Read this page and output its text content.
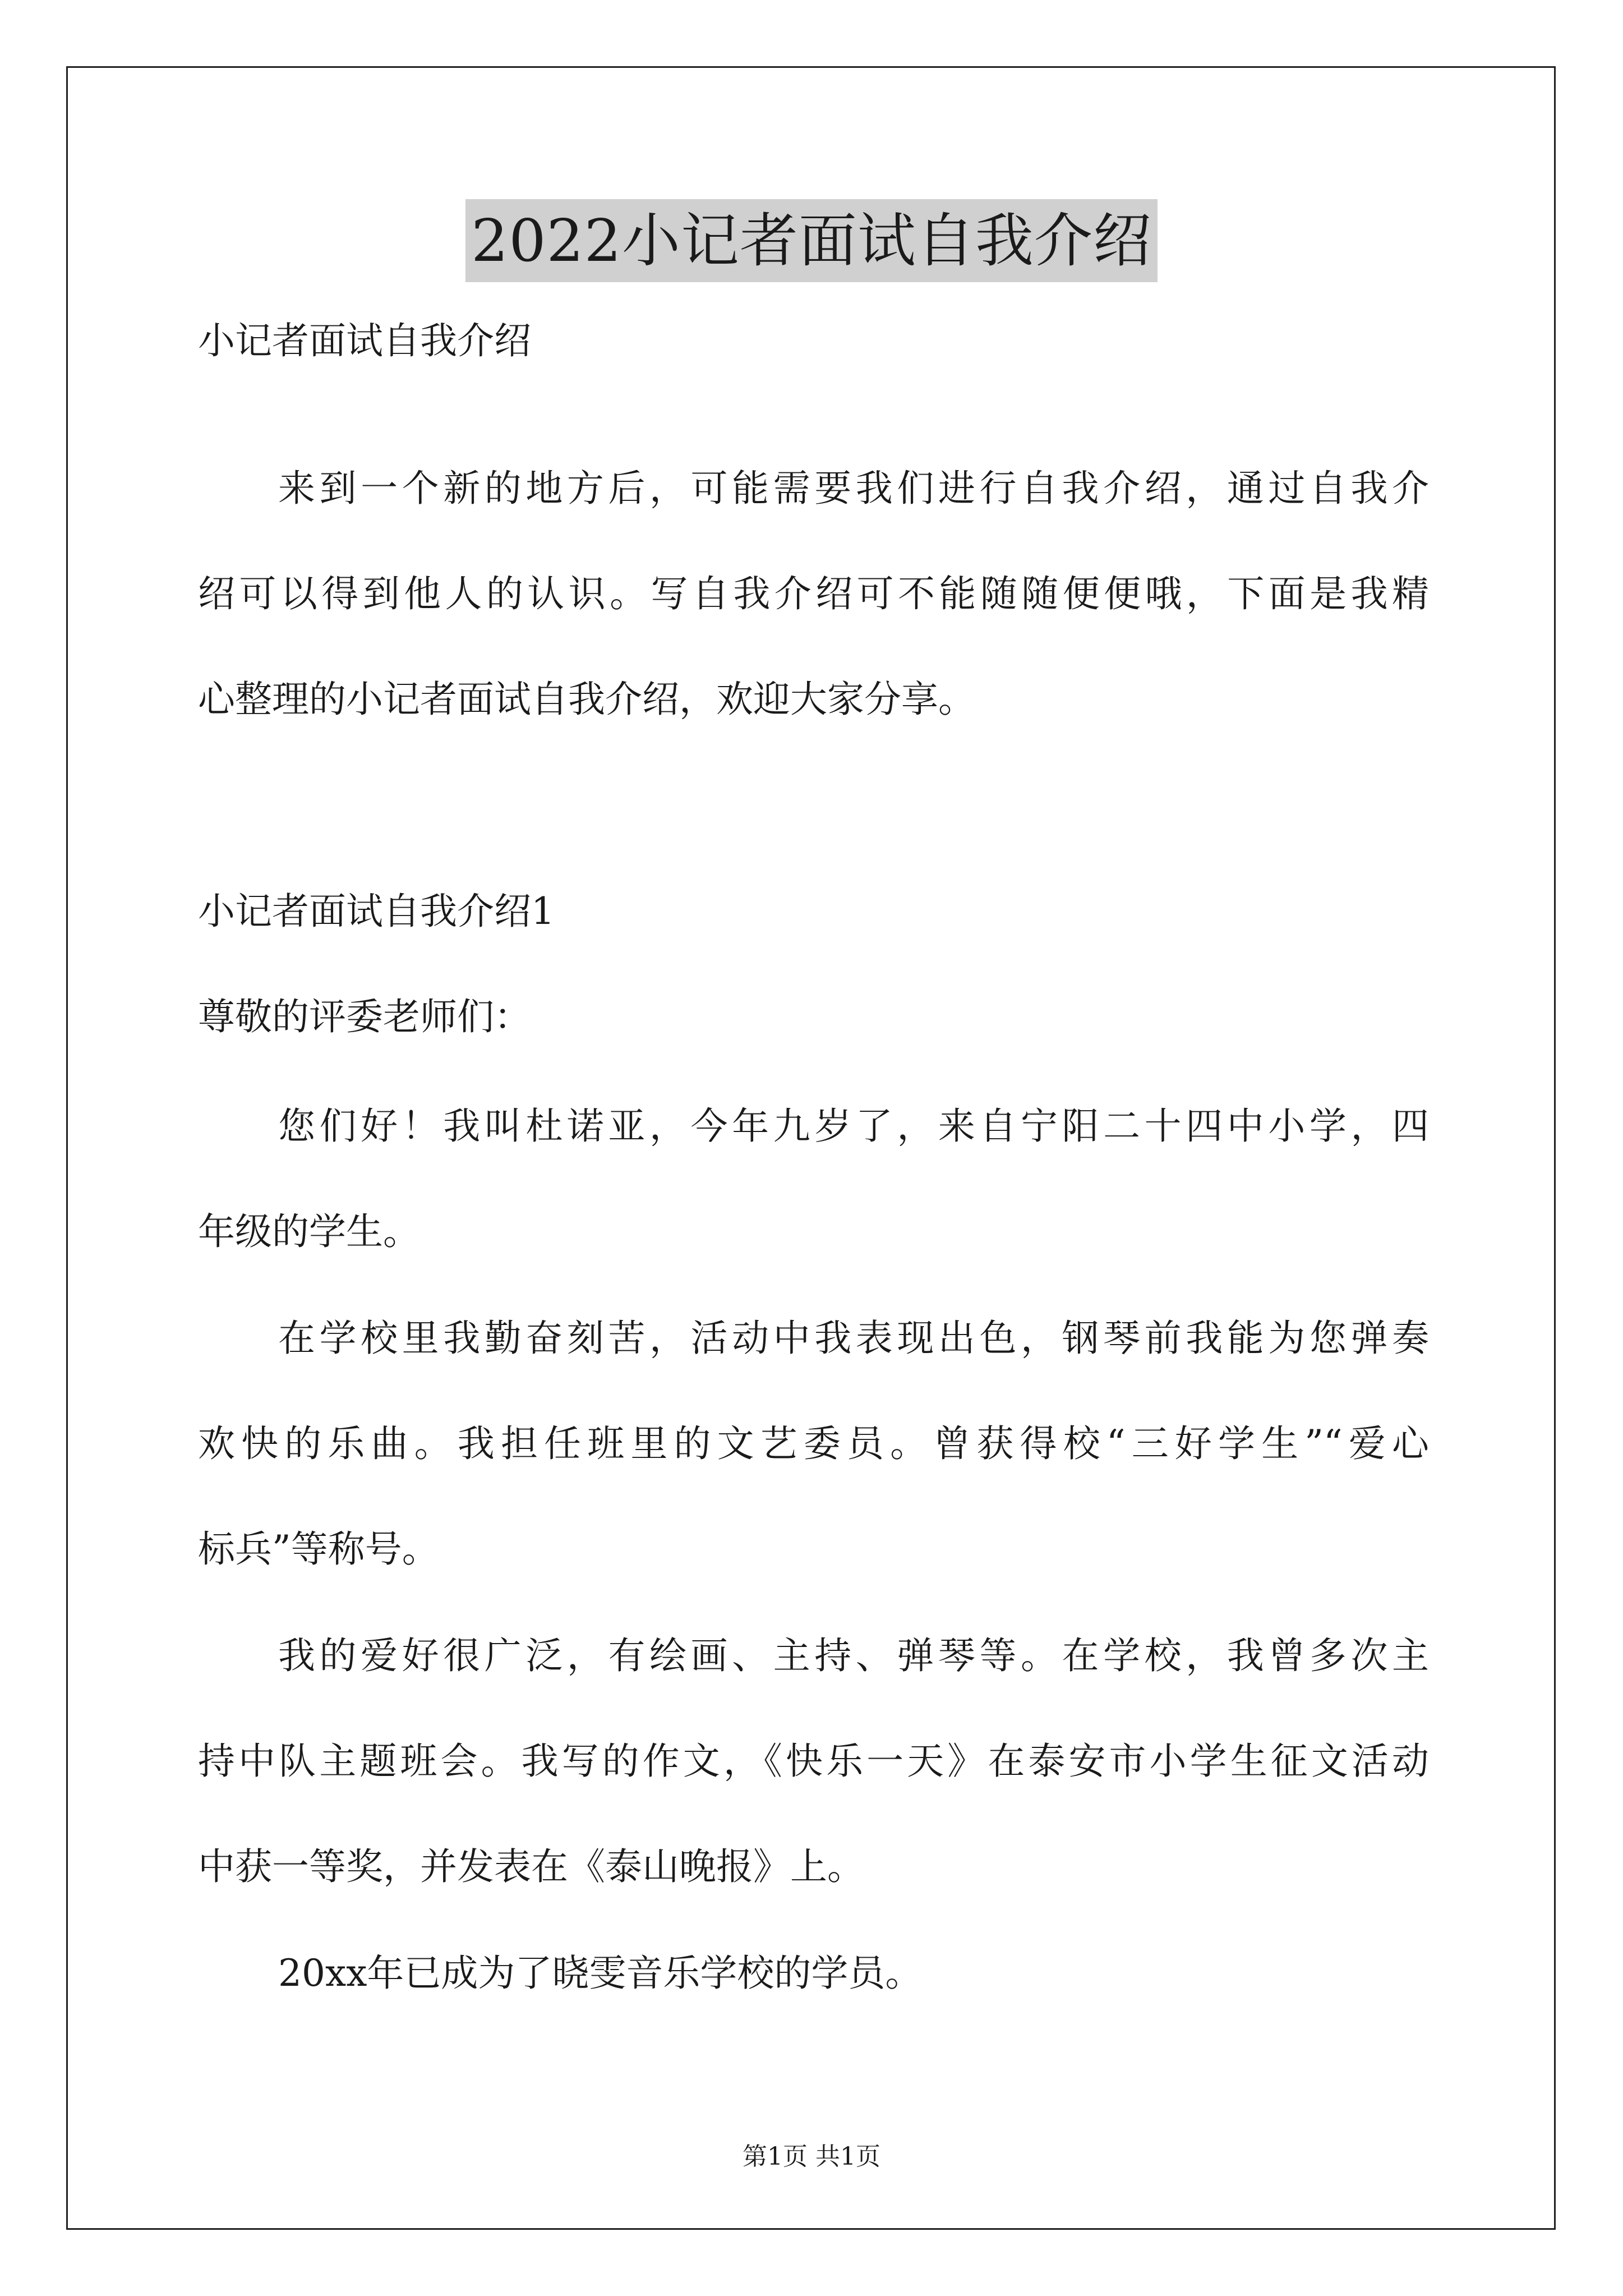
2022小记者面试自我介绍
小记者面试自我介绍
来到一个新的地方后，可能需要我们进行自我介绍，通过自我介
绍可以得到他人的认识。写自我介绍可不能随随便便哦，下面是我精
心整理的小记者面试自我介绍，欢迎大家分享。
小记者面试自我介绍1
尊敬的评委老师们：
您们好！我叫杜诺亚，今年九岁了，来自宁阳二十四中小学，四
年级的学生。
在学校里我勤奋刻苦，活动中我表现出色，钢琴前我能为您弹奏
欢快的乐曲。我担任班里的文艺委员。曾获得校“三好学生”“爱心
标兵”等称号。
我的爱好很广泛，有绘画、主持、弹琴等。在学校，我曾多次主
持中队主题班会。我写的作文，《快乐一天》在泰安市小学生征文活动
中获一等奖，并发表在《泰山晚报》上。
20xx年已成为了晓雯音乐学校的学员。
第1页 共1页
